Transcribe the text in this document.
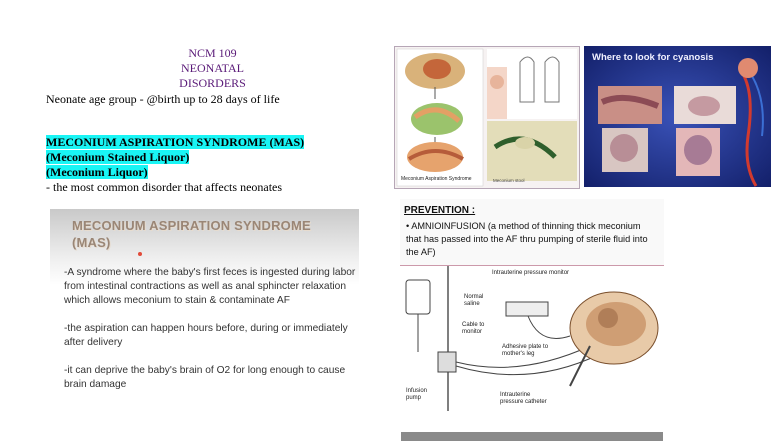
NCM 109
NEONATAL DISORDERS
Neonate age group - @birth up to 28 days of life
MECONIUM ASPIRATION SYNDROME (MAS)
(Meconium Stained Liquor)
(Meconium Liquor)
- the most common disorder that affects neonates
MECONIUM ASPIRATION SYNDROME (MAS)

-A syndrome where the baby's first feces is ingested during labor from intestinal contractions as well as anal sphincter relaxation which allows meconium to stain & contaminate AF

-the aspiration can happen hours before, during or immediately after delivery

-it can deprive the baby's brain of O2 for long enough to cause brain damage

Meconium Aspiration Syndrome	Meconium stool
Where to look for cyanosis
PREVENTION :
• AMNIOINFUSION (a method of thinning thick meconium that has passed into the AF thru pumping of sterile fluid into the AF)
Intrauterine pressure monitor
Normal saline
Cable to monitor
Adhesive plate to mother's leg
Infusion pump	Intrauterine pressure catheter
